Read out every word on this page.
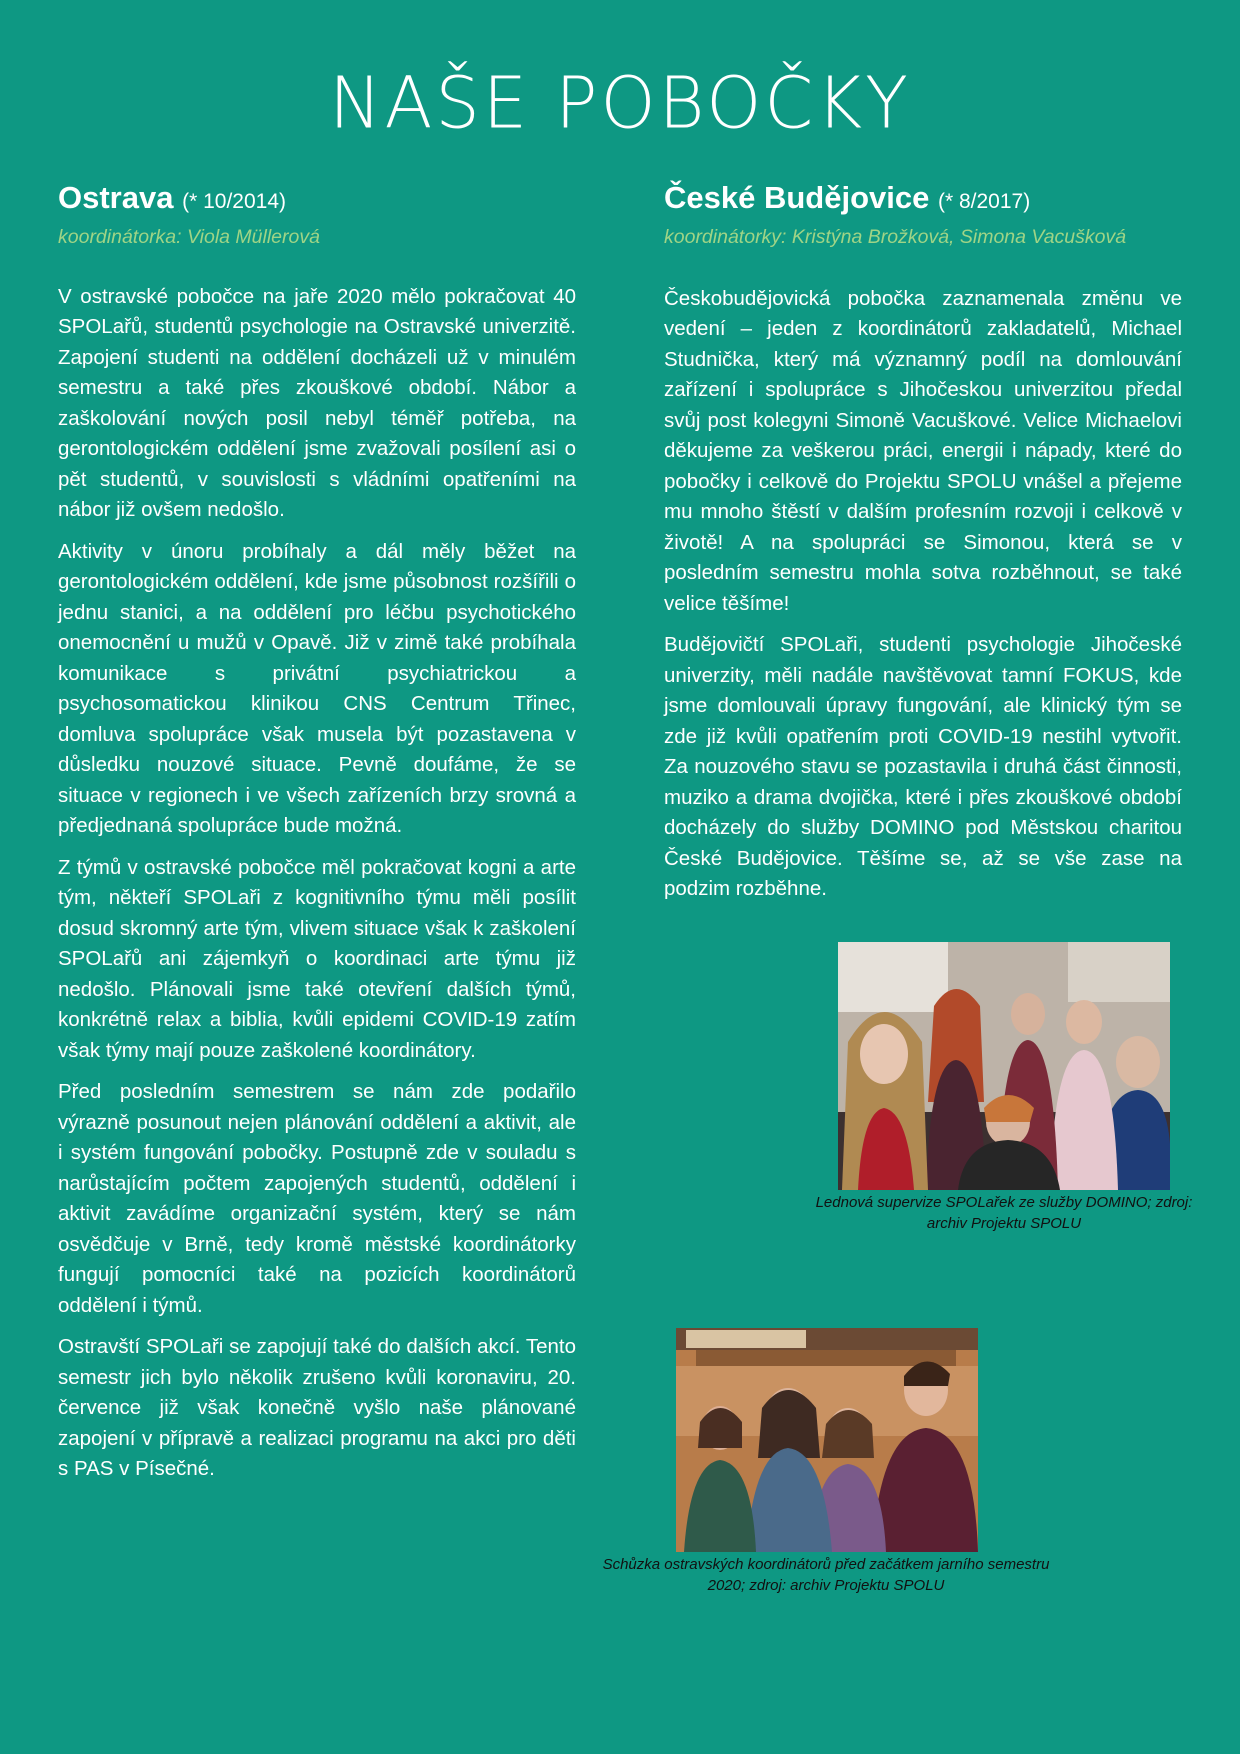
NAŠE POBOČKY
Ostrava (* 10/2014)
koordinátorka: Viola Müllerová

V ostravské pobočce na jaře 2020 mělo pokračovat 40 SPOLařů, studentů psychologie na Ostravské univerzitě. Zapojení studenti na oddělení docházeli už v minulém semestru a také přes zkouškové období. Nábor a zaškolování nových posil nebyl téměř potřeba, na gerontologickém oddělení jsme zvažovali posílení asi o pět studentů, v souvislosti s vládními opatřeními na nábor již ovšem nedošlo.

Aktivity v únoru probíhaly a dál měly běžet na gerontologickém oddělení, kde jsme působnost rozšířili o jednu stanici, a na oddělení pro léčbu psychotického onemocnění u mužů v Opavě. Již v zimě také probíhala komunikace s privátní psychiatrickou a psychosomatickou klinikou CNS Centrum Třinec, domluva spolupráce však musela být pozastavena v důsledku nouzové situace. Pevně doufáme, že se situace v regionech i ve všech zařízeních brzy srovná a předjednaná spolupráce bude možná.

Z týmů v ostravské pobočce měl pokračovat kogni a arte tým, někteří SPOLaři z kognitivního týmu měli posílit dosud skromný arte tým, vlivem situace však k zaškolení SPOLařů ani zájemkyň o koordinaci arte týmu již nedošlo. Plánovali jsme také otevření dalších týmů, konkrétně relax a biblia, kvůli epidemi COVID-19 zatím však týmy mají pouze zaškolené koordinátory.

Před posledním semestrem se nám zde podařilo výrazně posunout nejen plánování oddělení a aktivit, ale i systém fungování pobočky. Postupně zde v souladu s narůstajícím počtem zapojených studentů, oddělení i aktivit zavádíme organizační systém, který se nám osvědčuje v Brně, tedy kromě městské koordinátorky fungují pomocníci také na pozicích koordinátorů oddělení i týmů.

Ostravští SPOLaři se zapojují také do dalších akcí. Tento semestr jich bylo několik zrušeno kvůli koronaviru, 20. července již však konečně vyšlo naše plánované zapojení v přípravě a realizaci programu na akci pro děti s PAS v Písečné.

České Budějovice (* 8/2017)
koordinátorky: Kristýna Brožková, Simona Vacušková

Českobudějovická pobočka zaznamenala změnu ve vedení – jeden z koordinátorů zakladatelů, Michael Studnička, který má významný podíl na domlouvání zařízení i spolupráce s Jihočeskou univerzitou předal svůj post kolegyni Simoně Vacuškové. Velice Michaelovi děkujeme za veškerou práci, energii i nápady, které do pobočky i celkově do Projektu SPOLU vnášel a přejeme mu mnoho štěstí v dalším profesním rozvoji i celkově v životě! A na spolupráci se Simonou, která se v posledním semestru mohla sotva rozběhnout, se také velice těšíme!

Budějovičtí SPOLaři, studenti psychologie Jihočeské univerzity, měli nadále navštěvovat tamní FOKUS, kde jsme domlouvali úpravy fungování, ale klinický tým se zde již kvůli opatřením proti COVID-19 nestihl vytvořit. Za nouzového stavu se pozastavila i druhá část činnosti, muziko a drama dvojička, které i přes zkouškové období docházely do služby DOMINO pod Městskou charitou České Budějovice. Těšíme se, až se vše zase na podzim rozběhne.

Lednová supervize SPOLařek ze služby DOMINO; zdroj: archiv Projektu SPOLU
Schůzka ostravských koordinátorů před začátkem jarního semestru 2020; zdroj: archiv Projektu SPOLU
